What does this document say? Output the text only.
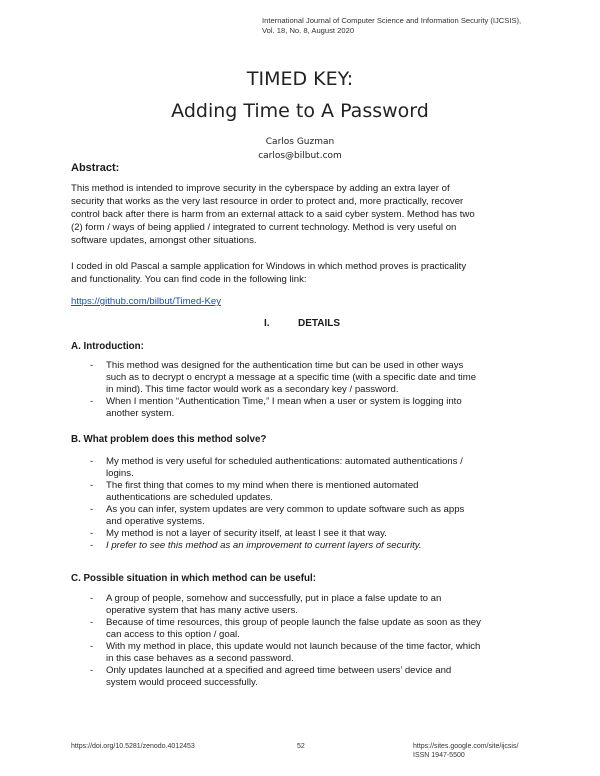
International Journal of Computer Science and Information Security (IJCSIS),
Vol. 18, No. 8, August 2020
TIMED KEY:
Adding Time to A Password
Carlos Guzman
carlos@bilbut.com
Abstract:
This method is intended to improve security in the cyberspace by adding an extra layer of
security that works as the very last resource in order to protect and, more practically, recover
control back after there is harm from an external attack to a said cyber system. Method has two
(2) form / ways of being applied / integrated to current technology. Method is very useful on
software updates, amongst other situations.
I coded in old Pascal a sample application for Windows in which method proves is practicality
and functionality. You can find code in the following link:
https://github.com/bilbut/Timed-Key
I.	DETAILS
A. Introduction:
- This method was designed for the authentication time but can be used in other ways
such as to decrypt o encrypt a message at a specific time (with a specific date and time
in mind). This time factor would work as a secondary key / password.
- When I mention “Authentication Time,” I mean when a user or system is logging into
another system.
B. What problem does this method solve?
- My method is very useful for scheduled authentications: automated authentications /
logins.
- The first thing that comes to my mind when there is mentioned automated
authentications are scheduled updates.
- As you can infer, system updates are very common to update software such as apps
and operative systems.
- My method is not a layer of security itself, at least I see it that way.
- I prefer to see this method as an improvement to current layers of security.
C. Possible situation in which method can be useful:
- A group of people, somehow and successfully, put in place a false update to an
operative system that has many active users.
- Because of time resources, this group of people launch the false update as soon as they
can access to this option / goal.
- With my method in place, this update would not launch because of the time factor, which
in this case behaves as a second password.
- Only updates launched at a specified and agreed time between users’ device and
system would proceed successfully.
https://doi.org/10.5281/zenodo.4012453	52	https://sites.google.com/site/ijcsis/
ISSN 1947-5500
